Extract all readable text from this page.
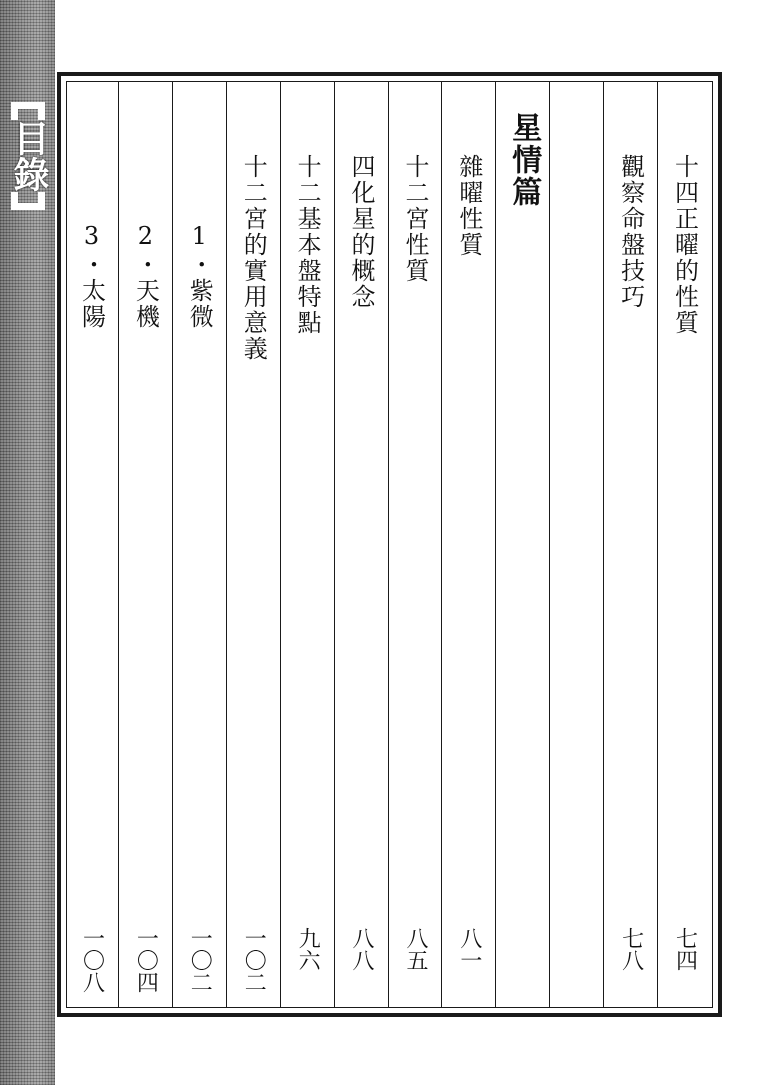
目錄	十四正曜的性質
七四
觀察命盤技巧
七八
星情篇
雜曜性質
八一
十二宮性質
八五
四化星的概念
八八
十二基本盤特點
九六
十二宮的實用意義
一〇二
1・紫微
一〇二
2・天機
一〇四
3・太陽
一〇八
